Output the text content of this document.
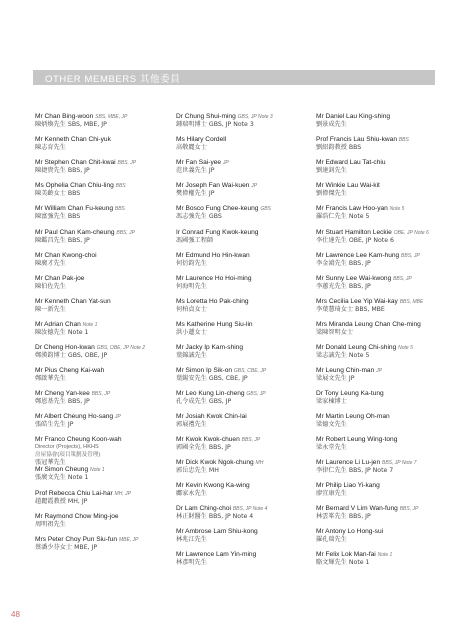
OTHER MEMBERS 其他委員
Mr Chan Bing-woon SBS, MBE, JP
陳炳煥先生 SBS, MBE, JP
Mr Kenneth Chan Chi-yuk
陳志育先生
Mr Stephen Chan Chit-kwai BBS, JP
陳捷貴先生 BBS, JP
Ms Ophelia Chan Chiu-ling BBS
陳美齡女士 BBS
Mr William Chan Fu-keung BBS
陳富強先生 BBS
Mr Paul Chan Kam-cheung BBS, JP
陳鑑昌先生 BBS, JP
Mr Chan Kwong-choi
陳廣才先生
Mr Chan Pak-joe
陳伯佐先生
Mr Kenneth Chan Yat-sun
陳一新先生
Mr Adrian Chan Note 1
陳汝德先生 Note 1
Dr Cheng Hon-kwan GBS, OBE, JP Note 2
鄭漢鈞博士 GBS, OBE, JP
Mr Pius Cheng Kai-wah
鄭啟華先生
Mr Cheng Yan-kee BBS, JP
鄭恩基先生 BBS, JP
Mr Albert Cheung Ho-sang JP
張皓生先生 JP
Mr Franco Cheung Koon-wah
Director (Projects), HKHS
房屋協會(項目策劃及管理)
張冠華先生
Mr Simon Cheung Note 1
張廣文先生 Note 1
Prof Rebecca Chiu Lai-har MH, JP
趙麗霞教授 MH, JP
Mr Raymond Chow Ming-joe
周明祖先生
Mrs Peter Choy Pun Siu-fun MBE, JP
蔡潘少芬女士 MBE, JP
Dr Chung Shui-ming GBS, JP Note 3
鍾瑞明博士 GBS, JP Note 3
Ms Hilary Cordell
高敬麗女士
Mr Fan Sai-yee JP
范世義先生 JP
Mr Joseph Fan Wai-kuen JP
樊偉權先生 JP
Mr Bosco Fung Chee-keung GBS
馮志強先生 GBS
Ir Conrad Fung Kwok-keung
馮國強工程師
Mr Edmund Ho Hin-kwan
何衍鈞先生
Mr Laurence Ho Hoi-ming
何海明先生
Ms Loretta Ho Pak-ching
何柏貞女士
Ms Katherine Hung Siu-lin
洪小蓮女士
Mr Jacky Ip Kam-shing
葉錦誠先生
Mr Simon Ip Sik-on GBS, CBE, JP
葉錫安先生 GBS, CBE, JP
Mr Leo Kung Lin-cheng GBS, JP
孔令成先生 GBS, JP
Mr Josiah Kwok Chin-lai
郭展禮先生
Mr Kwok Kwok-chuen BBS, JP
郭國全先生 BBS, JP
Mr Dick Kwok Ngok-chung MH
郭岳忠先生 MH
Mr Kevin Kwong Ka-wing
鄺家永先生
Dr Lam Ching-choi BBS, JP Note 4
林正財醫生 BBS, JP Note 4
Mr Ambrose Lam Shiu-kong
林兆江先生
Mr Lawrence Lam Yin-ming
林彥明先生
Mr Daniel Lau King-shing
劉景成先生
Prof Francis Lau Shiu-kwan BBS
劉紹鈞教授 BBS
Mr Edward Lau Tat-chiu
劉達釗先生
Mr Winkie Lau Wai-kit
劉偉傑先生
Mr Francis Law Hoo-yan Note 5
羅浩仁先生 Note 5
Mr Stuart Hamilton Leckie OBE, JP Note 6
李仕達先生 OBE, JP Note 6
Mr Lawrence Lee Kam-hung BBS, JP
李金鴻先生 BBS, JP
Mr Sunny Lee Wai-kwong BBS, JP
李蕙光先生 BBS, JP
Mrs Cecilia Lee Yip Wai-kay BBS, MBE
李葉慧琦女士 BBS, MBE
Mrs Miranda Leung Chan Che-ming
梁陳智明女士
Mr Donald Leung Chi-shing Note 5
梁志誠先生 Note 5
Mr Leung Chin-man JP
梁展文先生 JP
Dr Tony Leung Ka-tung
梁家棟博士
Mr Martin Leung Oh-man
梁德文先生
Mr Robert Leung Wing-tong
梁永堂先生
Mr Laurence Li Lu-jen BBS, JP Note 7
李律仁先生 BBS, JP Note 7
Mr Philip Liao Yi-kang
廖宜康先生
Mr Bernard V Lim Wan-fung BBS, JP
林雲峯先生 BBS, JP
Mr Antony Lo Hong-sui
羅孔瑞先生
Mr Felix Lok Man-fai Note 1
駱文輝先生 Note 1
48
